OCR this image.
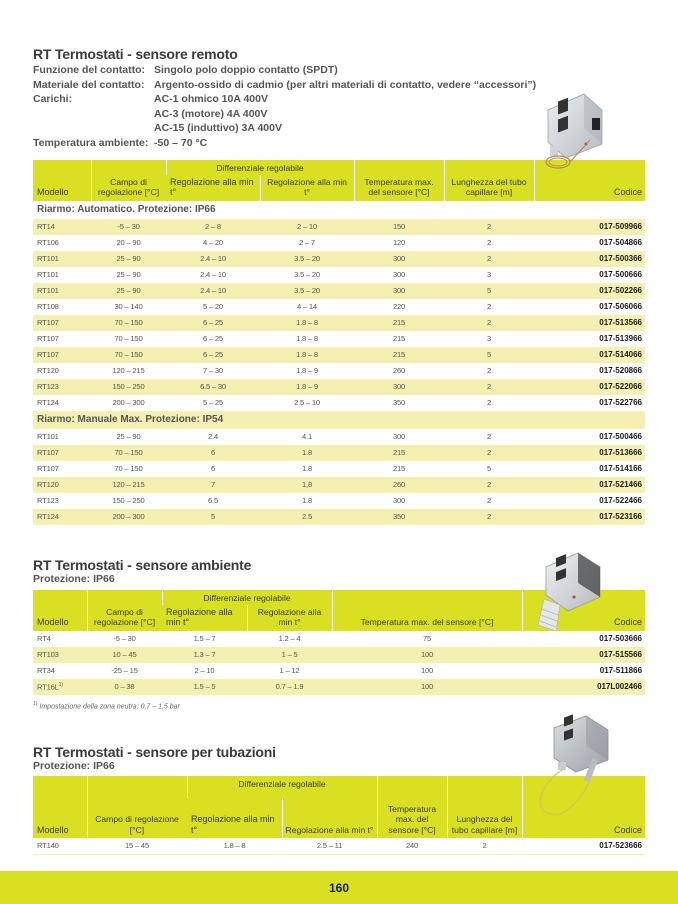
RT Termostati - sensore remoto
Funzione del contatto: Singolo polo doppio contatto (SPDT)
Materiale del contatto: Argento-ossido di cadmio (per altri materiali di contatto, vedere “accessori”)
Carichi:	AC-1 ohmico 10A 400V
AC-3 (motore) 4A 400V
AC-15 (induttivo) 3A 400V
Temperatura ambiente: -50 – 70 °C
Modello	Campo di regolazione [°C]	Differenziale regolabile		Temperatura max. del sensore [°C]	Lunghezza del tubo capillare [m]	Codice
		Regolazione alla min t°	Regolazione alla min t°			
Riarmo: Automatico. Protezione: IP66						
RT14	-5 – 30	2 – 8	2 – 10	150	2	017-509966
RT106	20 – 90	4 – 20	2 – 7	120	2	017-504866
RT101	25 – 90	2.4 – 10	3.5 – 20	300	2	017-500366
RT101	25 – 90	2.4 – 10	3.5 – 20	300	3	017-500666
RT101	25 – 90	2.4 – 10	3.5 – 20	300	5	017-502266
RT108	30 – 140	5 – 20	4 – 14	220	2	017-506066
RT107	70 – 150	6 – 25	1.8 – 8	215	2	017-513566
RT107	70 – 150	6 – 25	1.8 – 8	215	3	017-513966
RT107	70 – 150	6 – 25	1.8 – 8	215	5	017-514066
RT120	120 – 215	7 – 30	1.8 – 9	260	2	017-520866
RT123	150 – 250	6.5 – 30	1.8 – 9	300	2	017-522066
RT124	200 – 300	5 – 25	2.5 – 10	350	2	017-522766
Riarmo: Manuale Max. Protezione: IP54						
RT101	25 – 90	2.4	4.1	300	2	017-500466
RT107	70 – 150	6	1.8	215	2	017-513666
RT107	70 – 150	6	1.8	215	5	017-514166
RT120	120 – 215	7	1,8	260	2	017-521466
RT123	150 – 250	6.5	1.8	300	2	017-522466
RT124	200 – 300	5	2.5	350	2	017-523166
RT Termostati - sensore ambiente
Protezione: IP66
Modello	Campo di regolazione [°C]	Differenziale regolabile		Temperatura max. del sensore [°C]	Codice
		Regolazione alla min t°	Regolazione alla min t°		
RT4	-5 – 30	1.5 – 7	1.2 – 4	75	017-503666
RT103	10 – 45	1.3 – 7	1 – 5	100	017-515566
RT34	-25 – 15	2 – 10	1 – 12	100	017-511866
$RT16L^{1)}$	0 – 38	1.5 – 5	0.7 – 1.9	100	017L002466
$^{1)}$ Impostazione della zona neutra: 0,7 – 1,5 bar
RT Termostati - sensore per tubazioni
Protezione: IP66
Modello	Campo di regolazione [°C]	Differenziale regolabile		Temperatura max. del sensore [°C]	Lunghezza del tubo capillare [m]	Codice
		Regolazione alla min t°	Regolazione alla min t°			
RT140	15 – 45	1.8 – 8	2.5 – 11	240	2	017-523666
160
